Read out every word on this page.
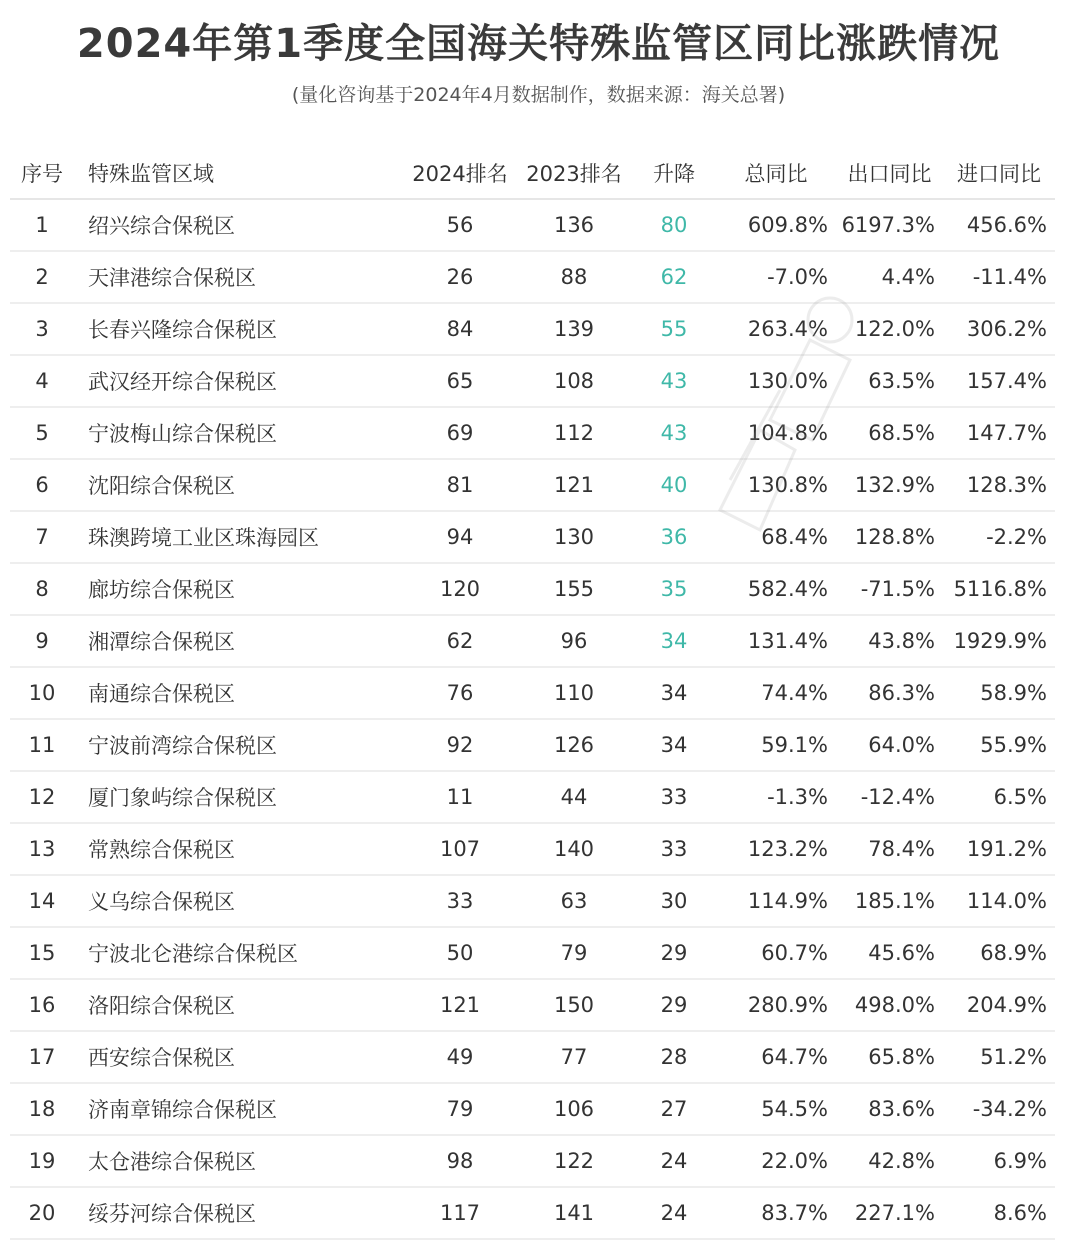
2024年第1季度全国海关特殊监管区同比涨跌情况
(量化咨询基于2024年4月数据制作，数据来源：海关总署)
序号	特殊监管区域	2024排名	2023排名	升降	总同比	出口同比	进口同比
1	绍兴综合保税区	56	136	80	609.8%	6197.3%	456.6%
2	天津港综合保税区	26	88	62	-7.0%	4.4%	-11.4%
3	长春兴隆综合保税区	84	139	55	263.4%	122.0%	306.2%
4	武汉经开综合保税区	65	108	43	130.0%	63.5%	157.4%
5	宁波梅山综合保税区	69	112	43	104.8%	68.5%	147.7%
6	沈阳综合保税区	81	121	40	130.8%	132.9%	128.3%
7	珠澳跨境工业区珠海园区	94	130	36	68.4%	128.8%	-2.2%
8	廊坊综合保税区	120	155	35	582.4%	-71.5%	5116.8%
9	湘潭综合保税区	62	96	34	131.4%	43.8%	1929.9%
10	南通综合保税区	76	110	34	74.4%	86.3%	58.9%
11	宁波前湾综合保税区	92	126	34	59.1%	64.0%	55.9%
12	厦门象屿综合保税区	11	44	33	-1.3%	-12.4%	6.5%
13	常熟综合保税区	107	140	33	123.2%	78.4%	191.2%
14	义乌综合保税区	33	63	30	114.9%	185.1%	114.0%
15	宁波北仑港综合保税区	50	79	29	60.7%	45.6%	68.9%
16	洛阳综合保税区	121	150	29	280.9%	498.0%	204.9%
17	西安综合保税区	49	77	28	64.7%	65.8%	51.2%
18	济南章锦综合保税区	79	106	27	54.5%	83.6%	-34.2%
19	太仓港综合保税区	98	122	24	22.0%	42.8%	6.9%
20	绥芬河综合保税区	117	141	24	83.7%	227.1%	8.6%
